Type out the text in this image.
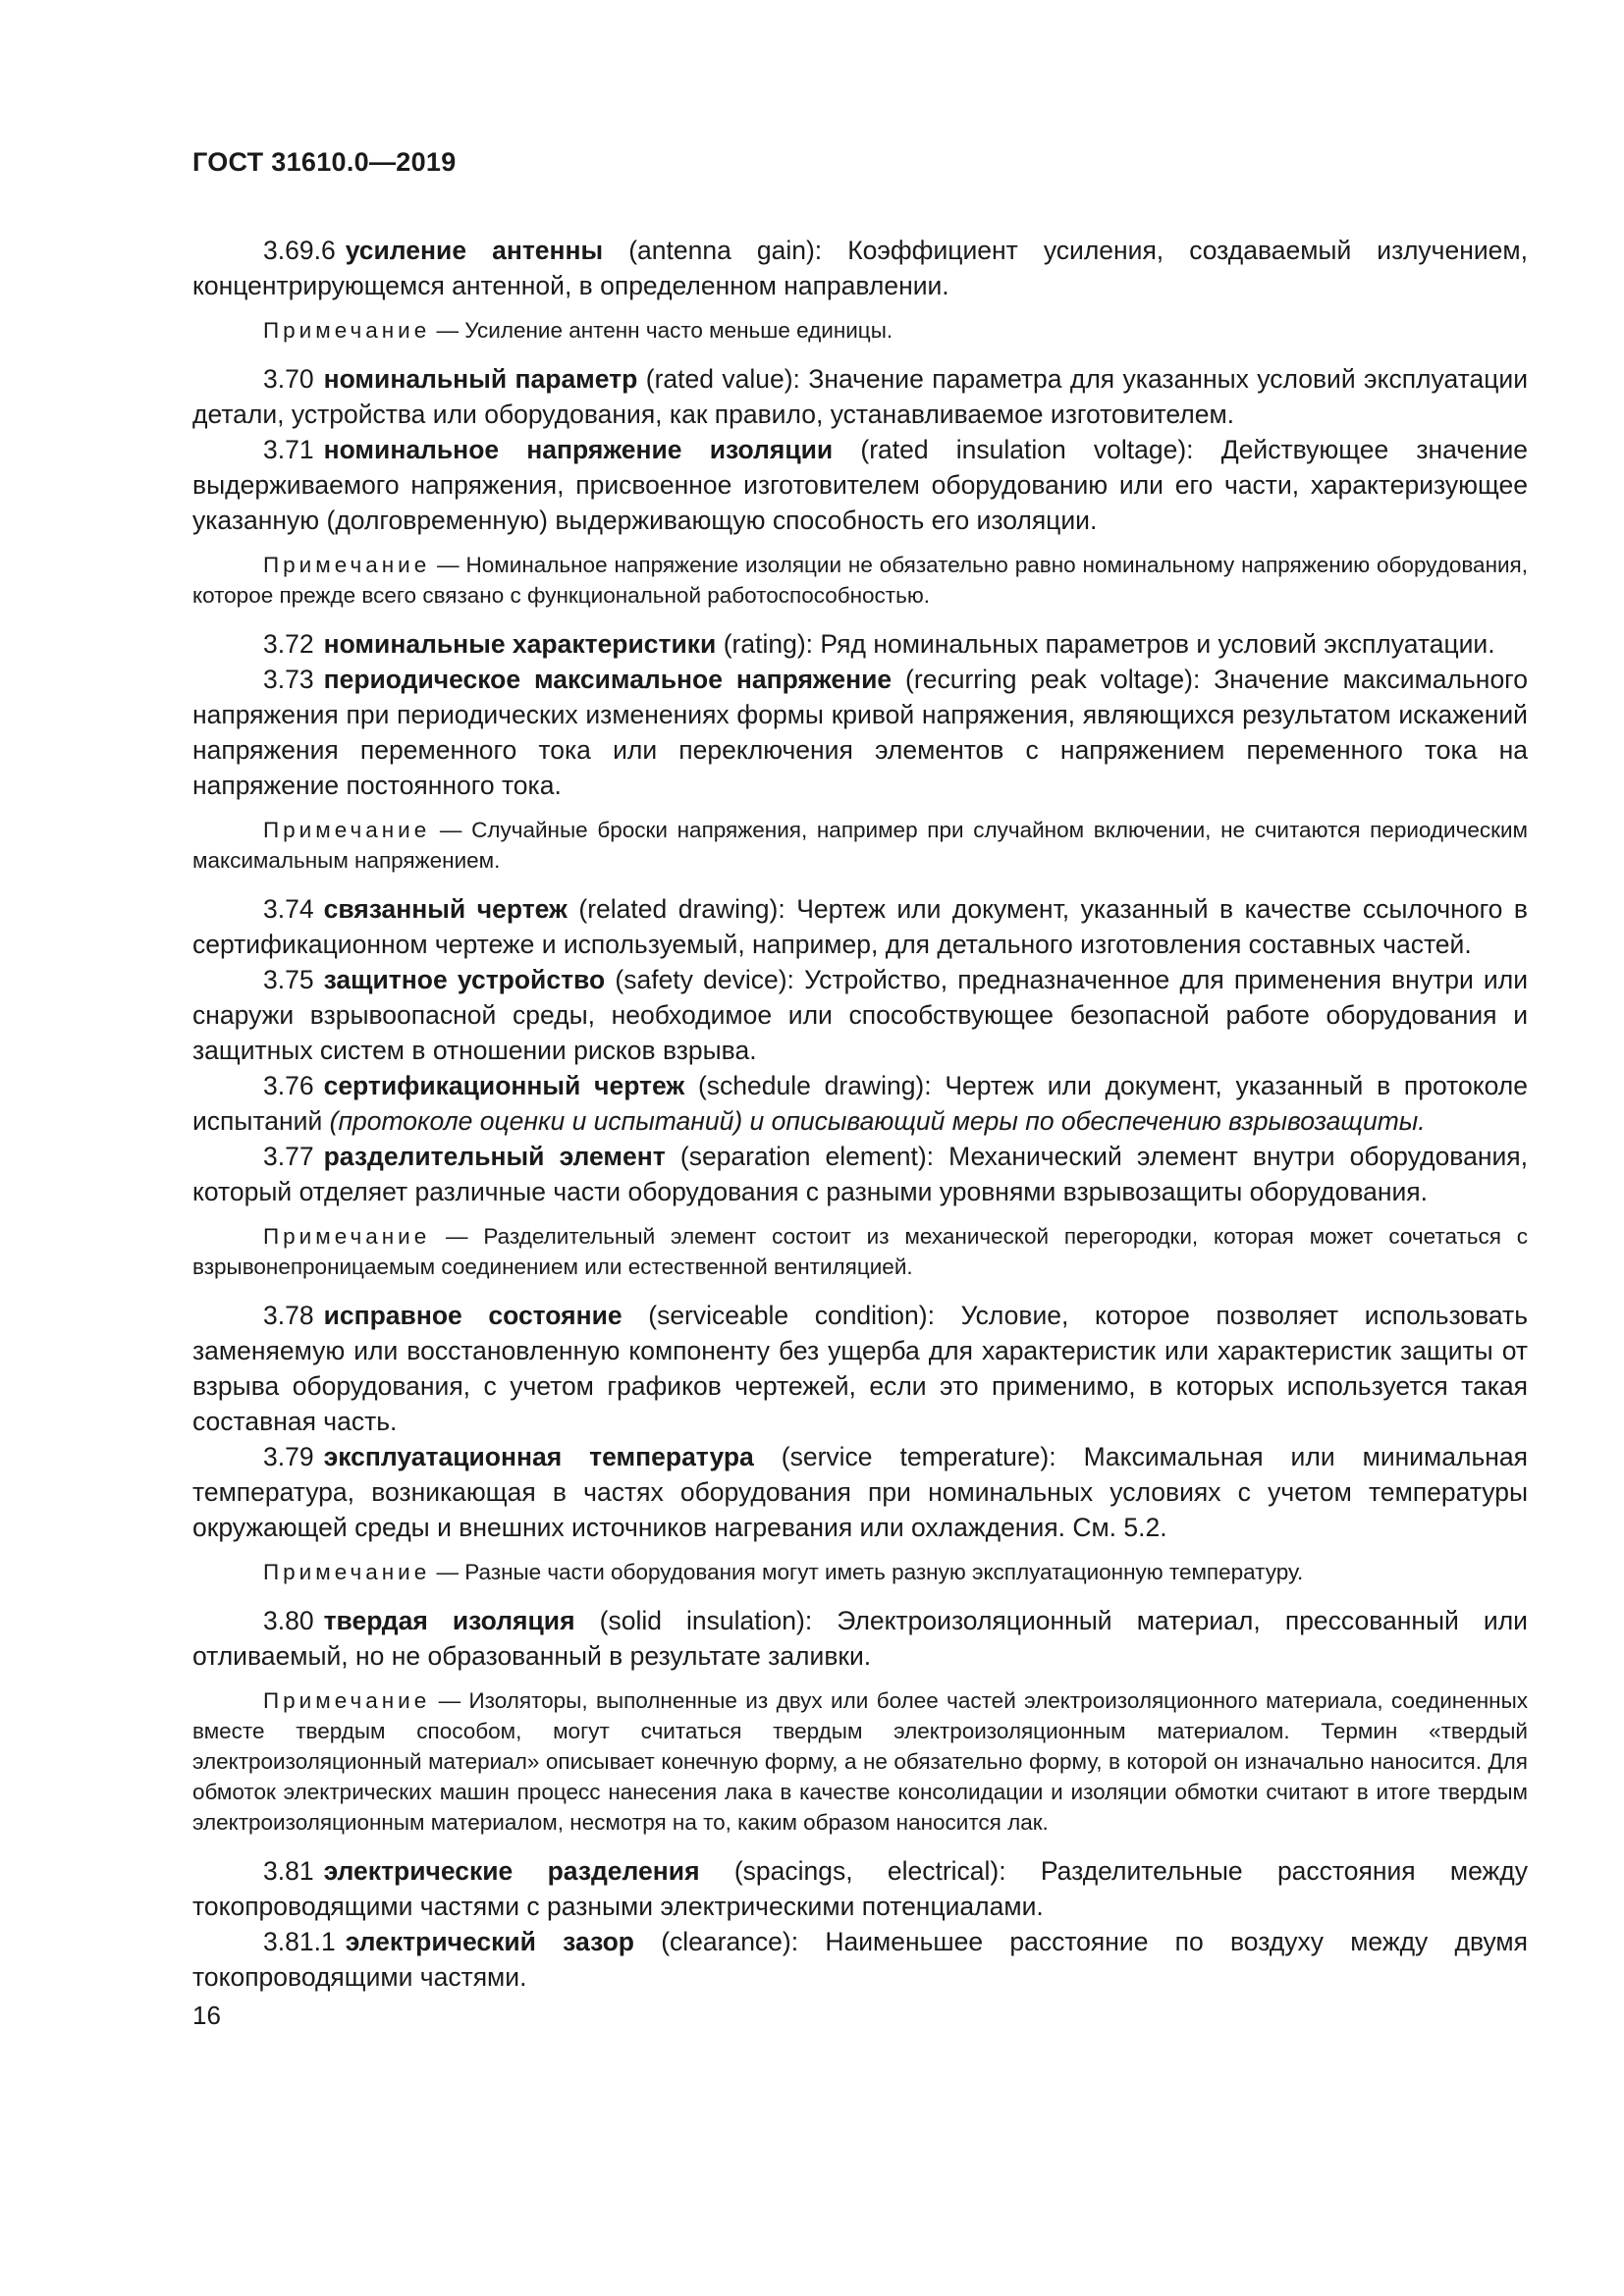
ГОСТ 31610.0—2019

3.69.6 усиление антенны (antenna gain): Коэффициент усиления, создаваемый излучением, концентрирующемся антенной, в определенном направлении.

Примечание — Усиление антенн часто меньше единицы.

3.70 номинальный параметр (rated value): Значение параметра для указанных условий эксплуатации детали, устройства или оборудования, как правило, устанавливаемое изготовителем.

3.71 номинальное напряжение изоляции (rated insulation voltage): Действующее значение выдерживаемого напряжения, присвоенное изготовителем оборудованию или его части, характеризующее указанную (долговременную) выдерживающую способность его изоляции.

Примечание — Номинальное напряжение изоляции не обязательно равно номинальному напряжению оборудования, которое прежде всего связано с функциональной работоспособностью.

3.72 номинальные характеристики (rating): Ряд номинальных параметров и условий эксплуатации.

3.73 периодическое максимальное напряжение (recurring peak voltage): Значение максимального напряжения при периодических изменениях формы кривой напряжения, являющихся результатом искажений напряжения переменного тока или переключения элементов с напряжением переменного тока на напряжение постоянного тока.

Примечание — Случайные броски напряжения, например при случайном включении, не считаются периодическим максимальным напряжением.

3.74 связанный чертеж (related drawing): Чертеж или документ, указанный в качестве ссылочного в сертификационном чертеже и используемый, например, для детального изготовления составных частей.

3.75 защитное устройство (safety device): Устройство, предназначенное для применения внутри или снаружи взрывоопасной среды, необходимое или способствующее безопасной работе оборудования и защитных систем в отношении рисков взрыва.

3.76 сертификационный чертеж (schedule drawing): Чертеж или документ, указанный в протоколе испытаний (протоколе оценки и испытаний) и описывающий меры по обеспечению взрывозащиты.

3.77 разделительный элемент (separation element): Механический элемент внутри оборудования, который отделяет различные части оборудования с разными уровнями взрывозащиты оборудования.

Примечание — Разделительный элемент состоит из механической перегородки, которая может сочетаться с взрывонепроницаемым соединением или естественной вентиляцией.

3.78 исправное состояние (serviceable condition): Условие, которое позволяет использовать заменяемую или восстановленную компоненту без ущерба для характеристик или характеристик защиты от взрыва оборудования, с учетом графиков чертежей, если это применимо, в которых используется такая составная часть.

3.79 эксплуатационная температура (service temperature): Максимальная или минимальная температура, возникающая в частях оборудования при номинальных условиях с учетом температуры окружающей среды и внешних источников нагревания или охлаждения. См. 5.2.

Примечание — Разные части оборудования могут иметь разную эксплуатационную температуру.

3.80 твердая изоляция (solid insulation): Электроизоляционный материал, прессованный или отливаемый, но не образованный в результате заливки.

Примечание — Изоляторы, выполненные из двух или более частей электроизоляционного материала, соединенных вместе твердым способом, могут считаться твердым электроизоляционным материалом. Термин «твердый электроизоляционный материал» описывает конечную форму, а не обязательно форму, в которой он изначально наносится. Для обмоток электрических машин процесс нанесения лака в качестве консолидации и изоляции обмотки считают в итоге твердым электроизоляционным материалом, несмотря на то, каким образом наносится лак.

3.81 электрические разделения (spacings, electrical): Разделительные расстояния между токопроводящими частями с разными электрическими потенциалами.

3.81.1 электрический зазор (clearance): Наименьшее расстояние по воздуху между двумя токопроводящими частями.

16
